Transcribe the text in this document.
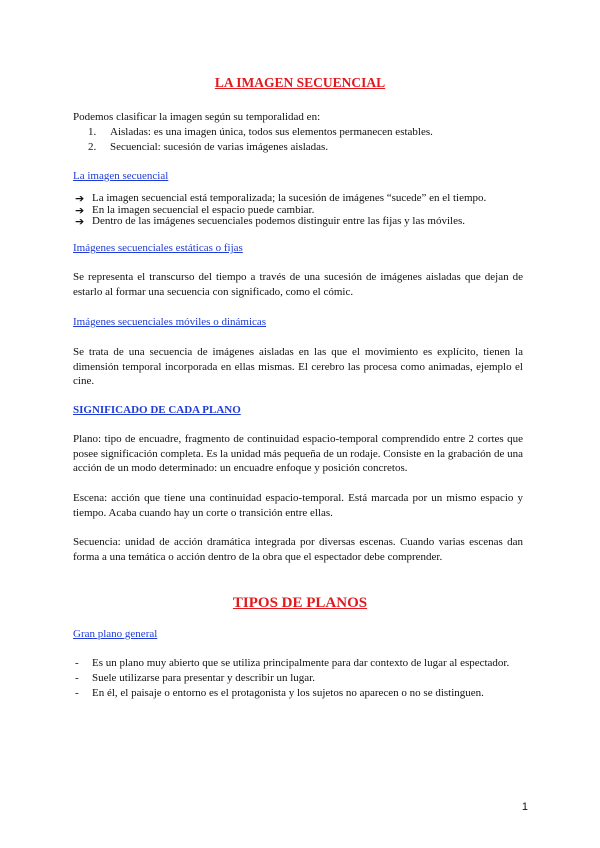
LA IMAGEN SECUENCIAL
Podemos clasificar la imagen según su temporalidad en:
1. Aisladas: es una imagen única, todos sus elementos permanecen estables.
2. Secuencial: sucesión de varias imágenes aisladas.
La imagen secuencial
➔ La imagen secuencial está temporalizada; la sucesión de imágenes “sucede” en el tiempo.
➔ En la imagen secuencial el espacio puede cambiar.
➔ Dentro de las imágenes secuenciales podemos distinguir entre las fijas y las móviles.
Imágenes secuenciales estáticas o fijas
Se representa el transcurso del tiempo a través de una sucesión de imágenes aisladas que dejan de estarlo al formar una secuencia con significado, como el cómic.
Imágenes secuenciales móviles o dinámicas
Se trata de una secuencia de imágenes aisladas en las que el movimiento es explícito, tienen la dimensión temporal incorporada en ellas mismas. El cerebro las procesa como animadas, ejemplo el cine.
SIGNIFICADO DE CADA PLANO
Plano: tipo de encuadre, fragmento de continuidad espacio-temporal comprendido entre 2 cortes que posee significación completa. Es la unidad más pequeña de un rodaje. Consiste en la grabación de una acción de un modo determinado: un encuadre enfoque y posición concretos.
Escena: acción que tiene una continuidad espacio-temporal. Está marcada por un mismo espacio y tiempo. Acaba cuando hay un corte o transición entre ellas.
Secuencia: unidad de acción dramática integrada por diversas escenas. Cuando varias escenas dan forma a una temática o acción dentro de la obra que el espectador debe comprender.
TIPOS DE PLANOS
Gran plano general
- Es un plano muy abierto que se utiliza principalmente para dar contexto de lugar al espectador.
- Suele utilizarse para presentar y describir un lugar.
- En él, el paisaje o entorno es el protagonista y los sujetos no aparecen o no se distinguen.
1
